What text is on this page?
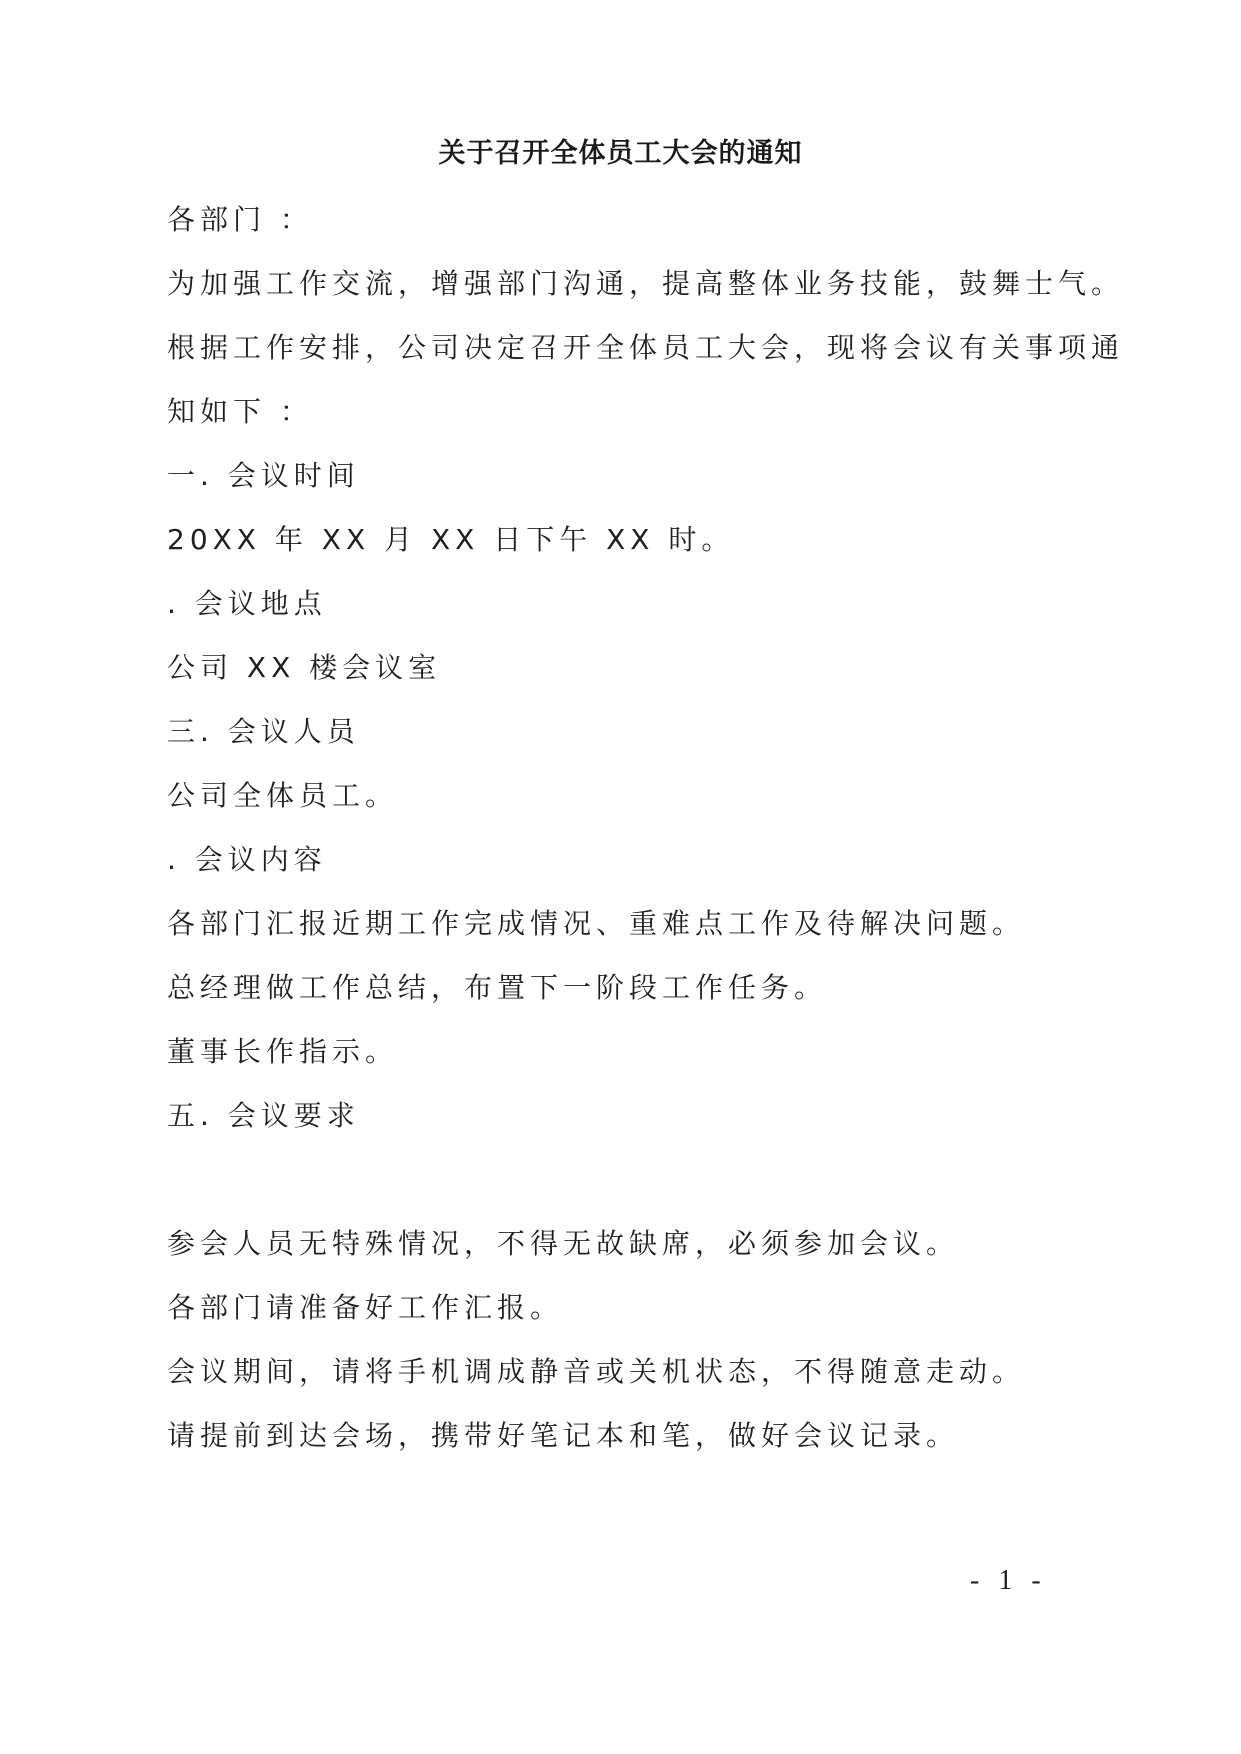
关于召开全体员工大会的通知
各部门 ：
为加强工作交流，增强部门沟通，提高整体业务技能，鼓舞士气。
根据工作安排，公司决定召开全体员工大会，现将会议有关事项通
知如下 ：
一. 会议时间
20XX 年 XX 月 XX 日下午 XX 时。
. 会议地点
公司 XX 楼会议室
三. 会议人员
公司全体员工。
. 会议内容
各部门汇报近期工作完成情况、重难点工作及待解决问题。
总经理做工作总结，布置下一阶段工作任务。
董事长作指示。
五. 会议要求
参会人员无特殊情况，不得无故缺席，必须参加会议。
各部门请准备好工作汇报。
会议期间，请将手机调成静音或关机状态，不得随意走动。
请提前到达会场，携带好笔记本和笔，做好会议记录。
- 1 -
